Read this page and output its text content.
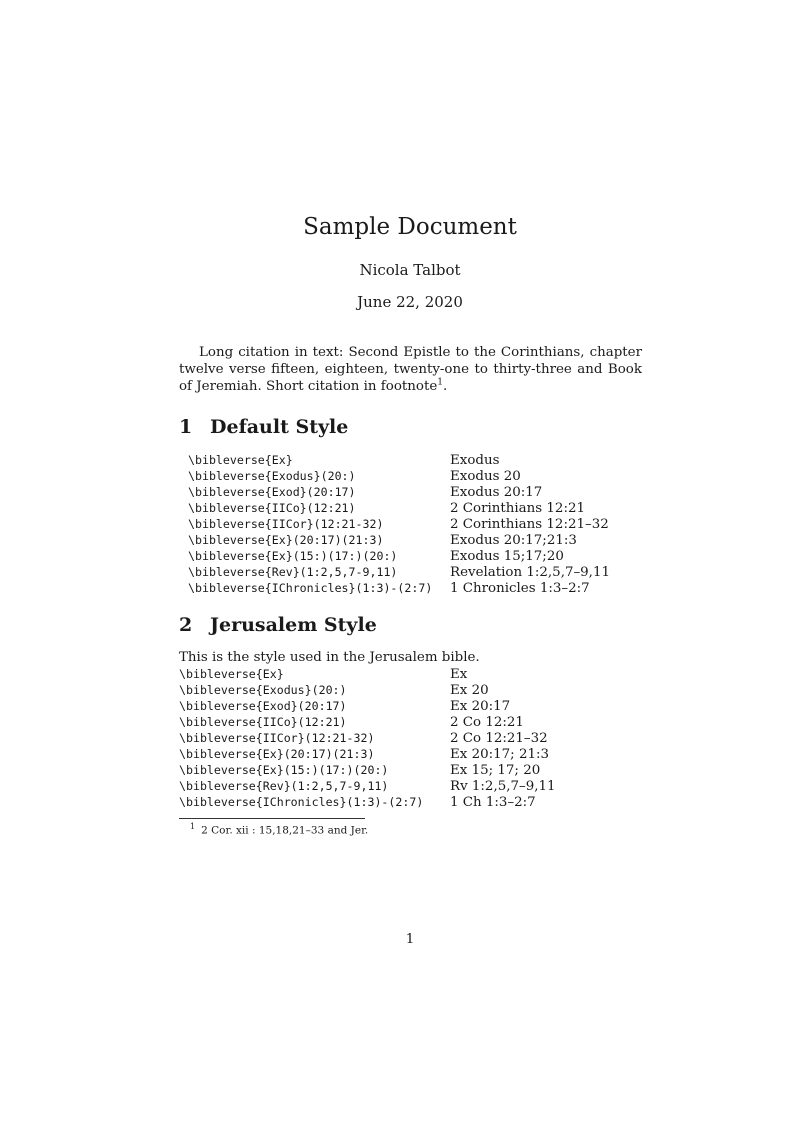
Sample Document
Nicola Talbot
June 22, 2020

Long citation in text: Second Epistle to the Corinthians, chapter twelve verse fifteen, eighteen, twenty-one to thirty-three and Book of Jeremiah. Short citation in footnote$^1$.

1 Default Style
\bibleverse{Ex}	Exodus
\bibleverse{Exodus}(20:)	Exodus 20
\bibleverse{Exod}(20:17)	Exodus 20:17
\bibleverse{IICo}(12:21)	2 Corinthians 12:21
\bibleverse{IICor}(12:21-32)	2 Corinthians 12:21–32
\bibleverse{Ex}(20:17)(21:3)	Exodus 20:17;21:3
\bibleverse{Ex}(15:)(17:)(20:)	Exodus 15;17;20
\bibleverse{Rev}(1:2,5,7-9,11)	Revelation 1:2,5,7–9,11
\bibleverse{IChronicles}(1:3)-(2:7) 1 Chronicles 1:3–2:7
2 Jerusalem Style
This is the style used in the Jerusalem bible.
\bibleverse{Ex}	Ex
\bibleverse{Exodus}(20:)	Ex 20
\bibleverse{Exod}(20:17)	Ex 20:17
\bibleverse{IICo}(12:21)	2 Co 12:21
\bibleverse{IICor}(12:21-32)	2 Co 12:21–32
\bibleverse{Ex}(20:17)(21:3)	Ex 20:17; 21:3
\bibleverse{Ex}(15:)(17:)(20:)	Ex 15; 17; 20
\bibleverse{Rev}(1:2,5,7-9,11)	Rv 1:2,5,7–9,11
\bibleverse{IChronicles}(1:3)-(2:7) 1 Ch 1:3–2:7
$^1$ 2 Cor. xii : 15,18,21–33 and Jer.
1
